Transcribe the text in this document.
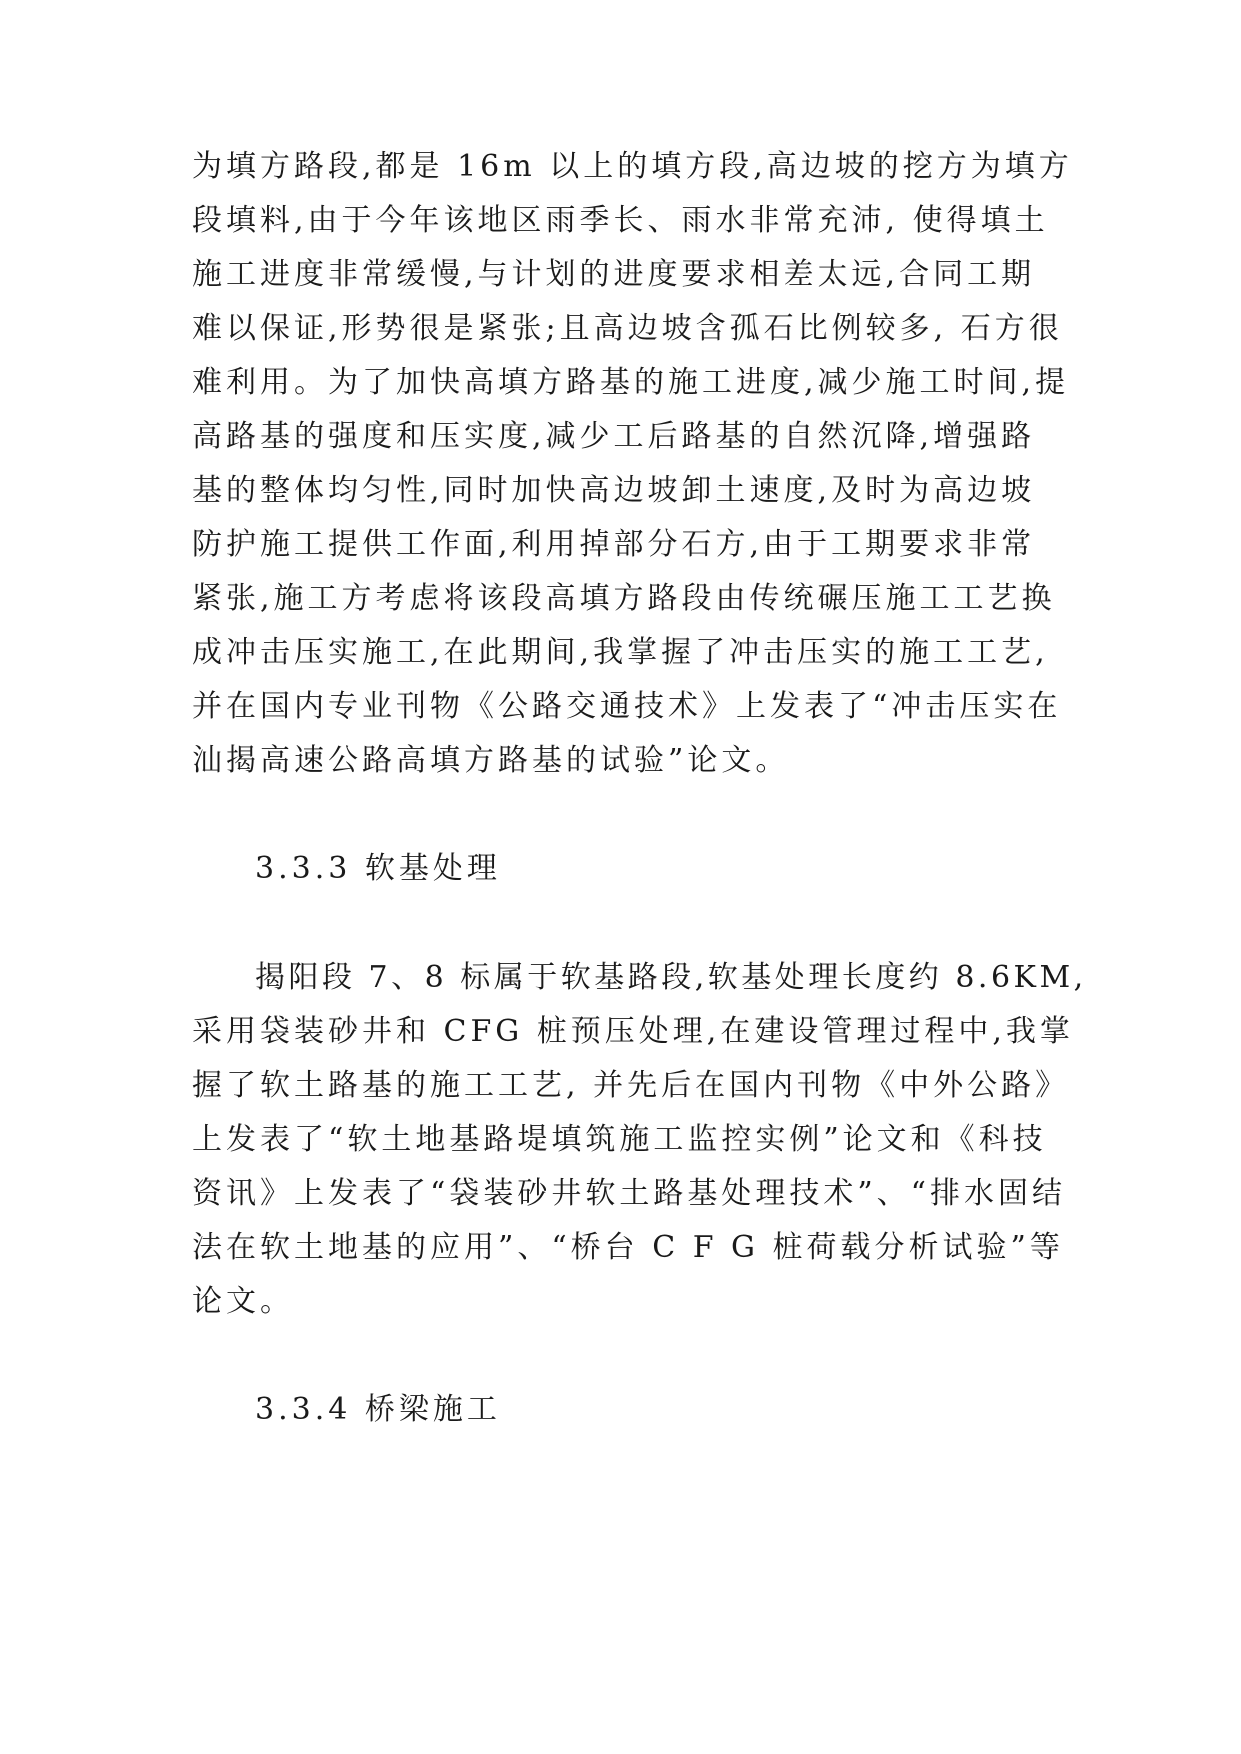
为填方路段,都是 16m 以上的填方段,高边坡的挖方为填方
段填料,由于今年该地区雨季长、雨水非常充沛, 使得填土
施工进度非常缓慢,与计划的进度要求相差太远,合同工期
难以保证,形势很是紧张;且高边坡含孤石比例较多, 石方很
难利用。为了加快高填方路基的施工进度,减少施工时间,提
高路基的强度和压实度,减少工后路基的自然沉降,增强路
基的整体均匀性,同时加快高边坡卸土速度,及时为高边坡
防护施工提供工作面,利用掉部分石方,由于工期要求非常
紧张,施工方考虑将该段高填方路段由传统碾压施工工艺换
成冲击压实施工,在此期间,我掌握了冲击压实的施工工艺,
并在国内专业刊物《公路交通技术》上发表了“冲击压实在
汕揭高速公路高填方路基的试验”论文。
3.3.3 软基处理
揭阳段 7、8 标属于软基路段,软基处理长度约 8.6KM,
采用袋装砂井和 CFG 桩预压处理,在建设管理过程中,我掌
握了软土路基的施工工艺, 并先后在国内刊物《中外公路》
上发表了“软土地基路堤填筑施工监控实例”论文和《科技
资讯》上发表了“袋装砂井软土路基处理技术”、“排水固结
法在软土地基的应用”、“桥台 C F G 桩荷载分析试验”等
论文。
3.3.4 桥梁施工
